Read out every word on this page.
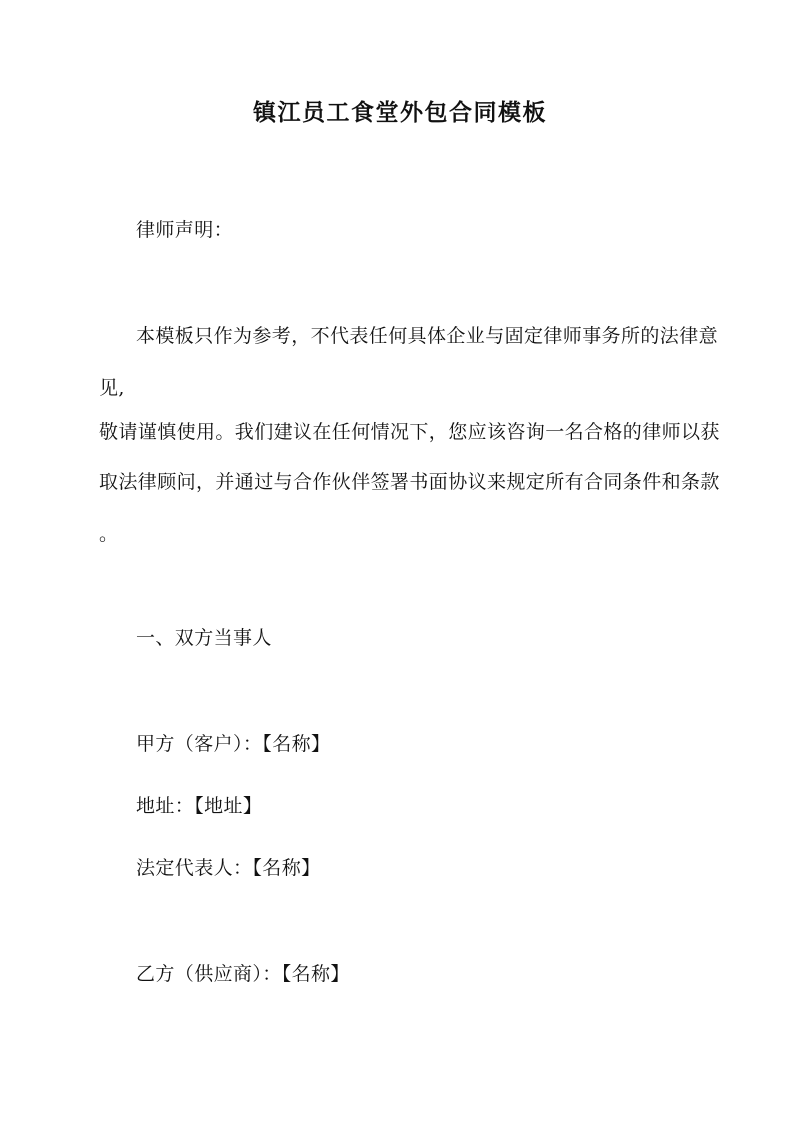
镇江员工食堂外包合同模板
律师声明：
本模板只作为参考，不代表任何具体企业与固定律师事务所的法律意
见,
敬请谨慎使用。我们建议在任何情况下，您应该咨询一名合格的律师以获
取法律顾问，并通过与合作伙伴签署书面协议来规定所有合同条件和条款
。
一、双方当事人
甲方（客户）：【名称】
地址：【地址】
法定代表人：【名称】
乙方（供应商）：【名称】
